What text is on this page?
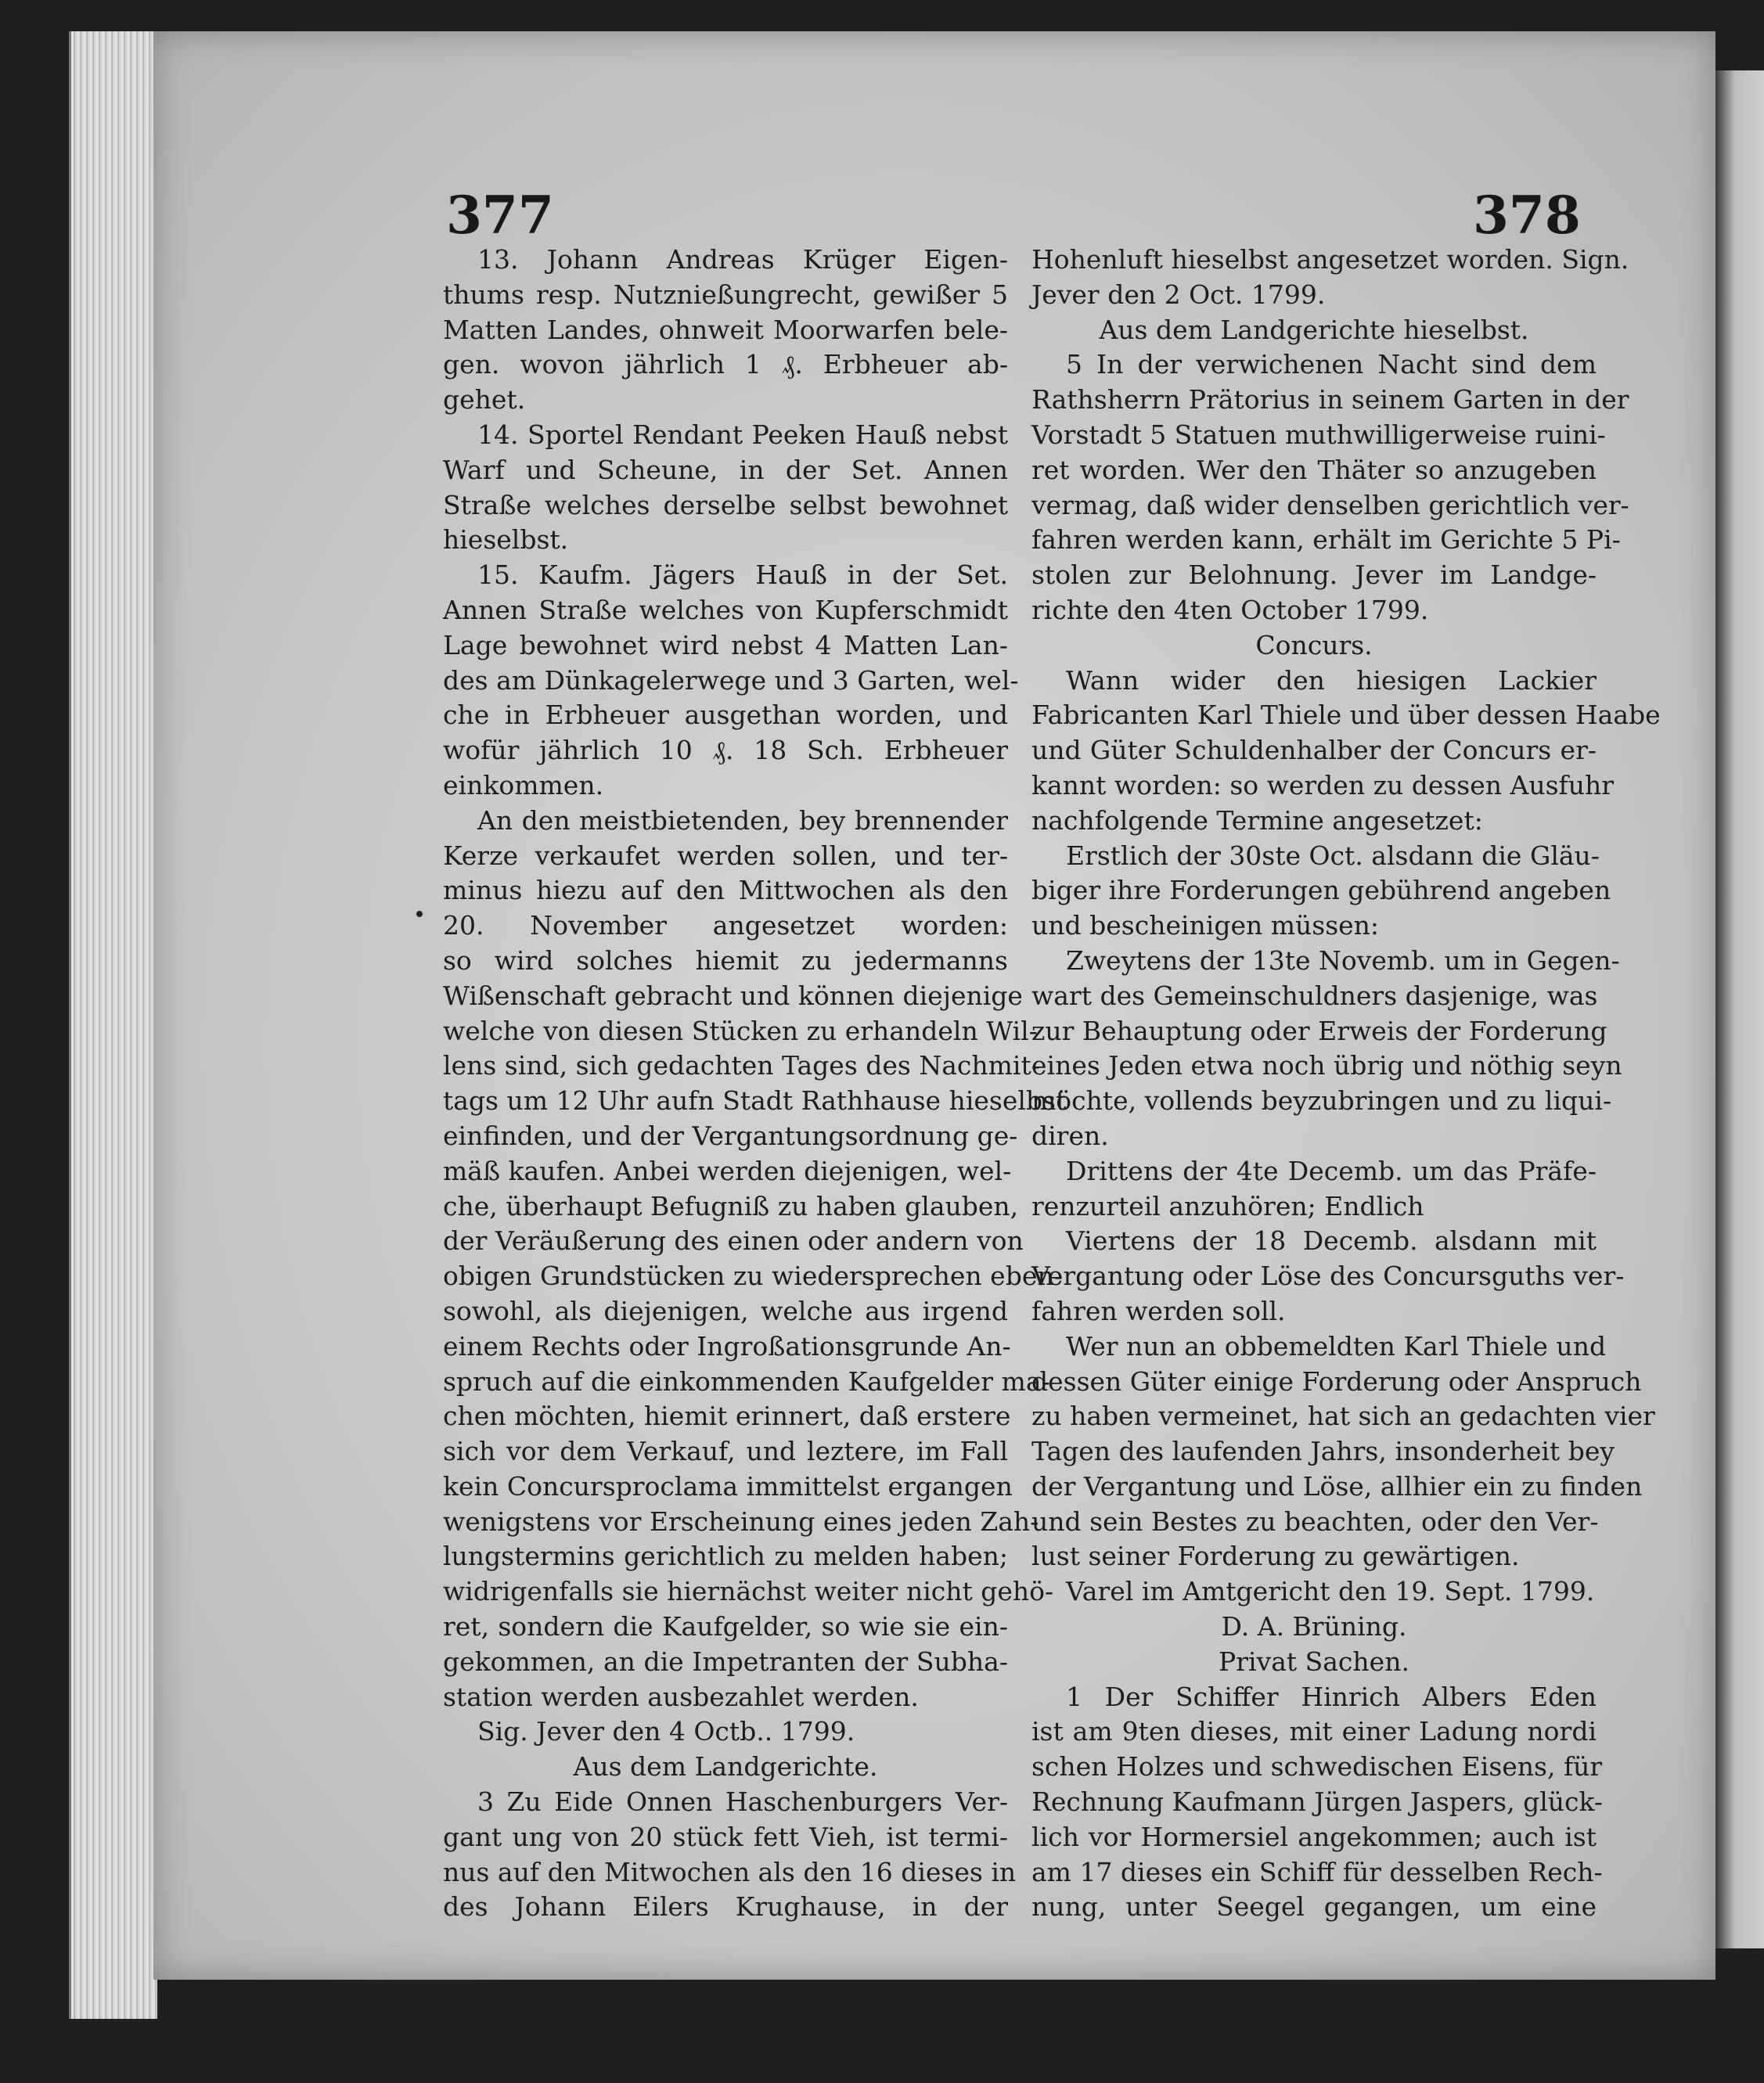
377	378

13. Johann Andreas Krüger Eigen-

thums resp. Nutznießungrecht, gewißer 5

Matten Landes, ohnweit Moorwarfen bele-

gen. wovon jährlich 1 ₰. Erbheuer ab-

gehet.

14. Sportel Rendant Peeken Hauß nebst

Warf und Scheune, in der Set. Annen

Straße welches derselbe selbst bewohnet

hieselbst.

15. Kaufm. Jägers Hauß in der Set.

Annen Straße welches von Kupferschmidt

Lage bewohnet wird nebst 4 Matten Lan-

des am Dünkagelerwege und 3 Garten, wel-

che in Erbheuer ausgethan worden, und

wofür jährlich 10 ₰. 18 Sch. Erbheuer

einkommen.

An den meistbietenden, bey brennender

Kerze verkaufet werden sollen, und ter-

minus hiezu auf den Mittwochen als den

20. November angesetzet worden:

so wird solches hiemit zu jedermanns

Wißenschaft gebracht und können diejenige

welche von diesen Stücken zu erhandeln Wil-

lens sind, sich gedachten Tages des Nachmit-

tags um 12 Uhr aufn Stadt Rathhause hieselbst

einfinden, und der Vergantungsordnung ge-

mäß kaufen. Anbei werden diejenigen, wel-

che, überhaupt Befugniß zu haben glauben,

der Veräußerung des einen oder andern von

obigen Grundstücken zu wiedersprechen eben-

sowohl, als diejenigen, welche aus irgend

einem Rechts oder Ingroßationsgrunde An-

spruch auf die einkommenden Kaufgelder ma-

chen möchten, hiemit erinnert, daß erstere

sich vor dem Verkauf, und leztere, im Fall

kein Concursproclama immittelst ergangen

wenigstens vor Erscheinung eines jeden Zah-

lungstermins gerichtlich zu melden haben;

widrigenfalls sie hiernächst weiter nicht gehö-

ret, sondern die Kaufgelder, so wie sie ein-

gekommen, an die Impetranten der Subha-

station werden ausbezahlet werden.

Sig. Jever den 4 Octb.. 1799.

Aus dem Landgerichte.

3 Zu Eide Onnen Haschenburgers Ver-

gant ung von 20 stück fett Vieh, ist termi-

nus auf den Mitwochen als den 16 dieses in

des Johann Eilers Krughause, in der

Hohenluft hieselbst angesetzet worden. Sign.

Jever den 2 Oct. 1799.

Aus dem Landgerichte hieselbst.

5 In der verwichenen Nacht sind dem

Rathsherrn Prätorius in seinem Garten in der

Vorstadt 5 Statuen muthwilligerweise ruini-

ret worden. Wer den Thäter so anzugeben

vermag, daß wider denselben gerichtlich ver-

fahren werden kann, erhält im Gerichte 5 Pi-

stolen zur Belohnung. Jever im Landge-

richte den 4ten October 1799.

Concurs.

Wann wider den hiesigen Lackier

Fabricanten Karl Thiele und über dessen Haabe

und Güter Schuldenhalber der Concurs er-

kannt worden: so werden zu dessen Ausfuhr

nachfolgende Termine angesetzet:

Erstlich der 30ste Oct. alsdann die Gläu-

biger ihre Forderungen gebührend angeben

und bescheinigen müssen:

Zweytens der 13te Novemb. um in Gegen-

wart des Gemeinschuldners dasjenige, was

zur Behauptung oder Erweis der Forderung

eines Jeden etwa noch übrig und nöthig seyn

möchte, vollends beyzubringen und zu liqui-

diren.

Drittens der 4te Decemb. um das Präfe-

renzurteil anzuhören; Endlich

Viertens der 18 Decemb. alsdann mit

Vergantung oder Löse des Concursguths ver-

fahren werden soll.

Wer nun an obbemeldten Karl Thiele und

dessen Güter einige Forderung oder Anspruch

zu haben vermeinet, hat sich an gedachten vier

Tagen des laufenden Jahrs, insonderheit bey

der Vergantung und Löse, allhier ein zu finden

und sein Bestes zu beachten, oder den Ver-

lust seiner Forderung zu gewärtigen.

Varel im Amtgericht den 19. Sept. 1799.

D. A. Brüning.

Privat Sachen.

1 Der Schiffer Hinrich Albers Eden

ist am 9ten dieses, mit einer Ladung nordi

schen Holzes und schwedischen Eisens, für

Rechnung Kaufmann Jürgen Jaspers, glück-

lich vor Hormersiel angekommen; auch ist

am 17 dieses ein Schiff für desselben Rech-

nung, unter Seegel gegangen, um eine
